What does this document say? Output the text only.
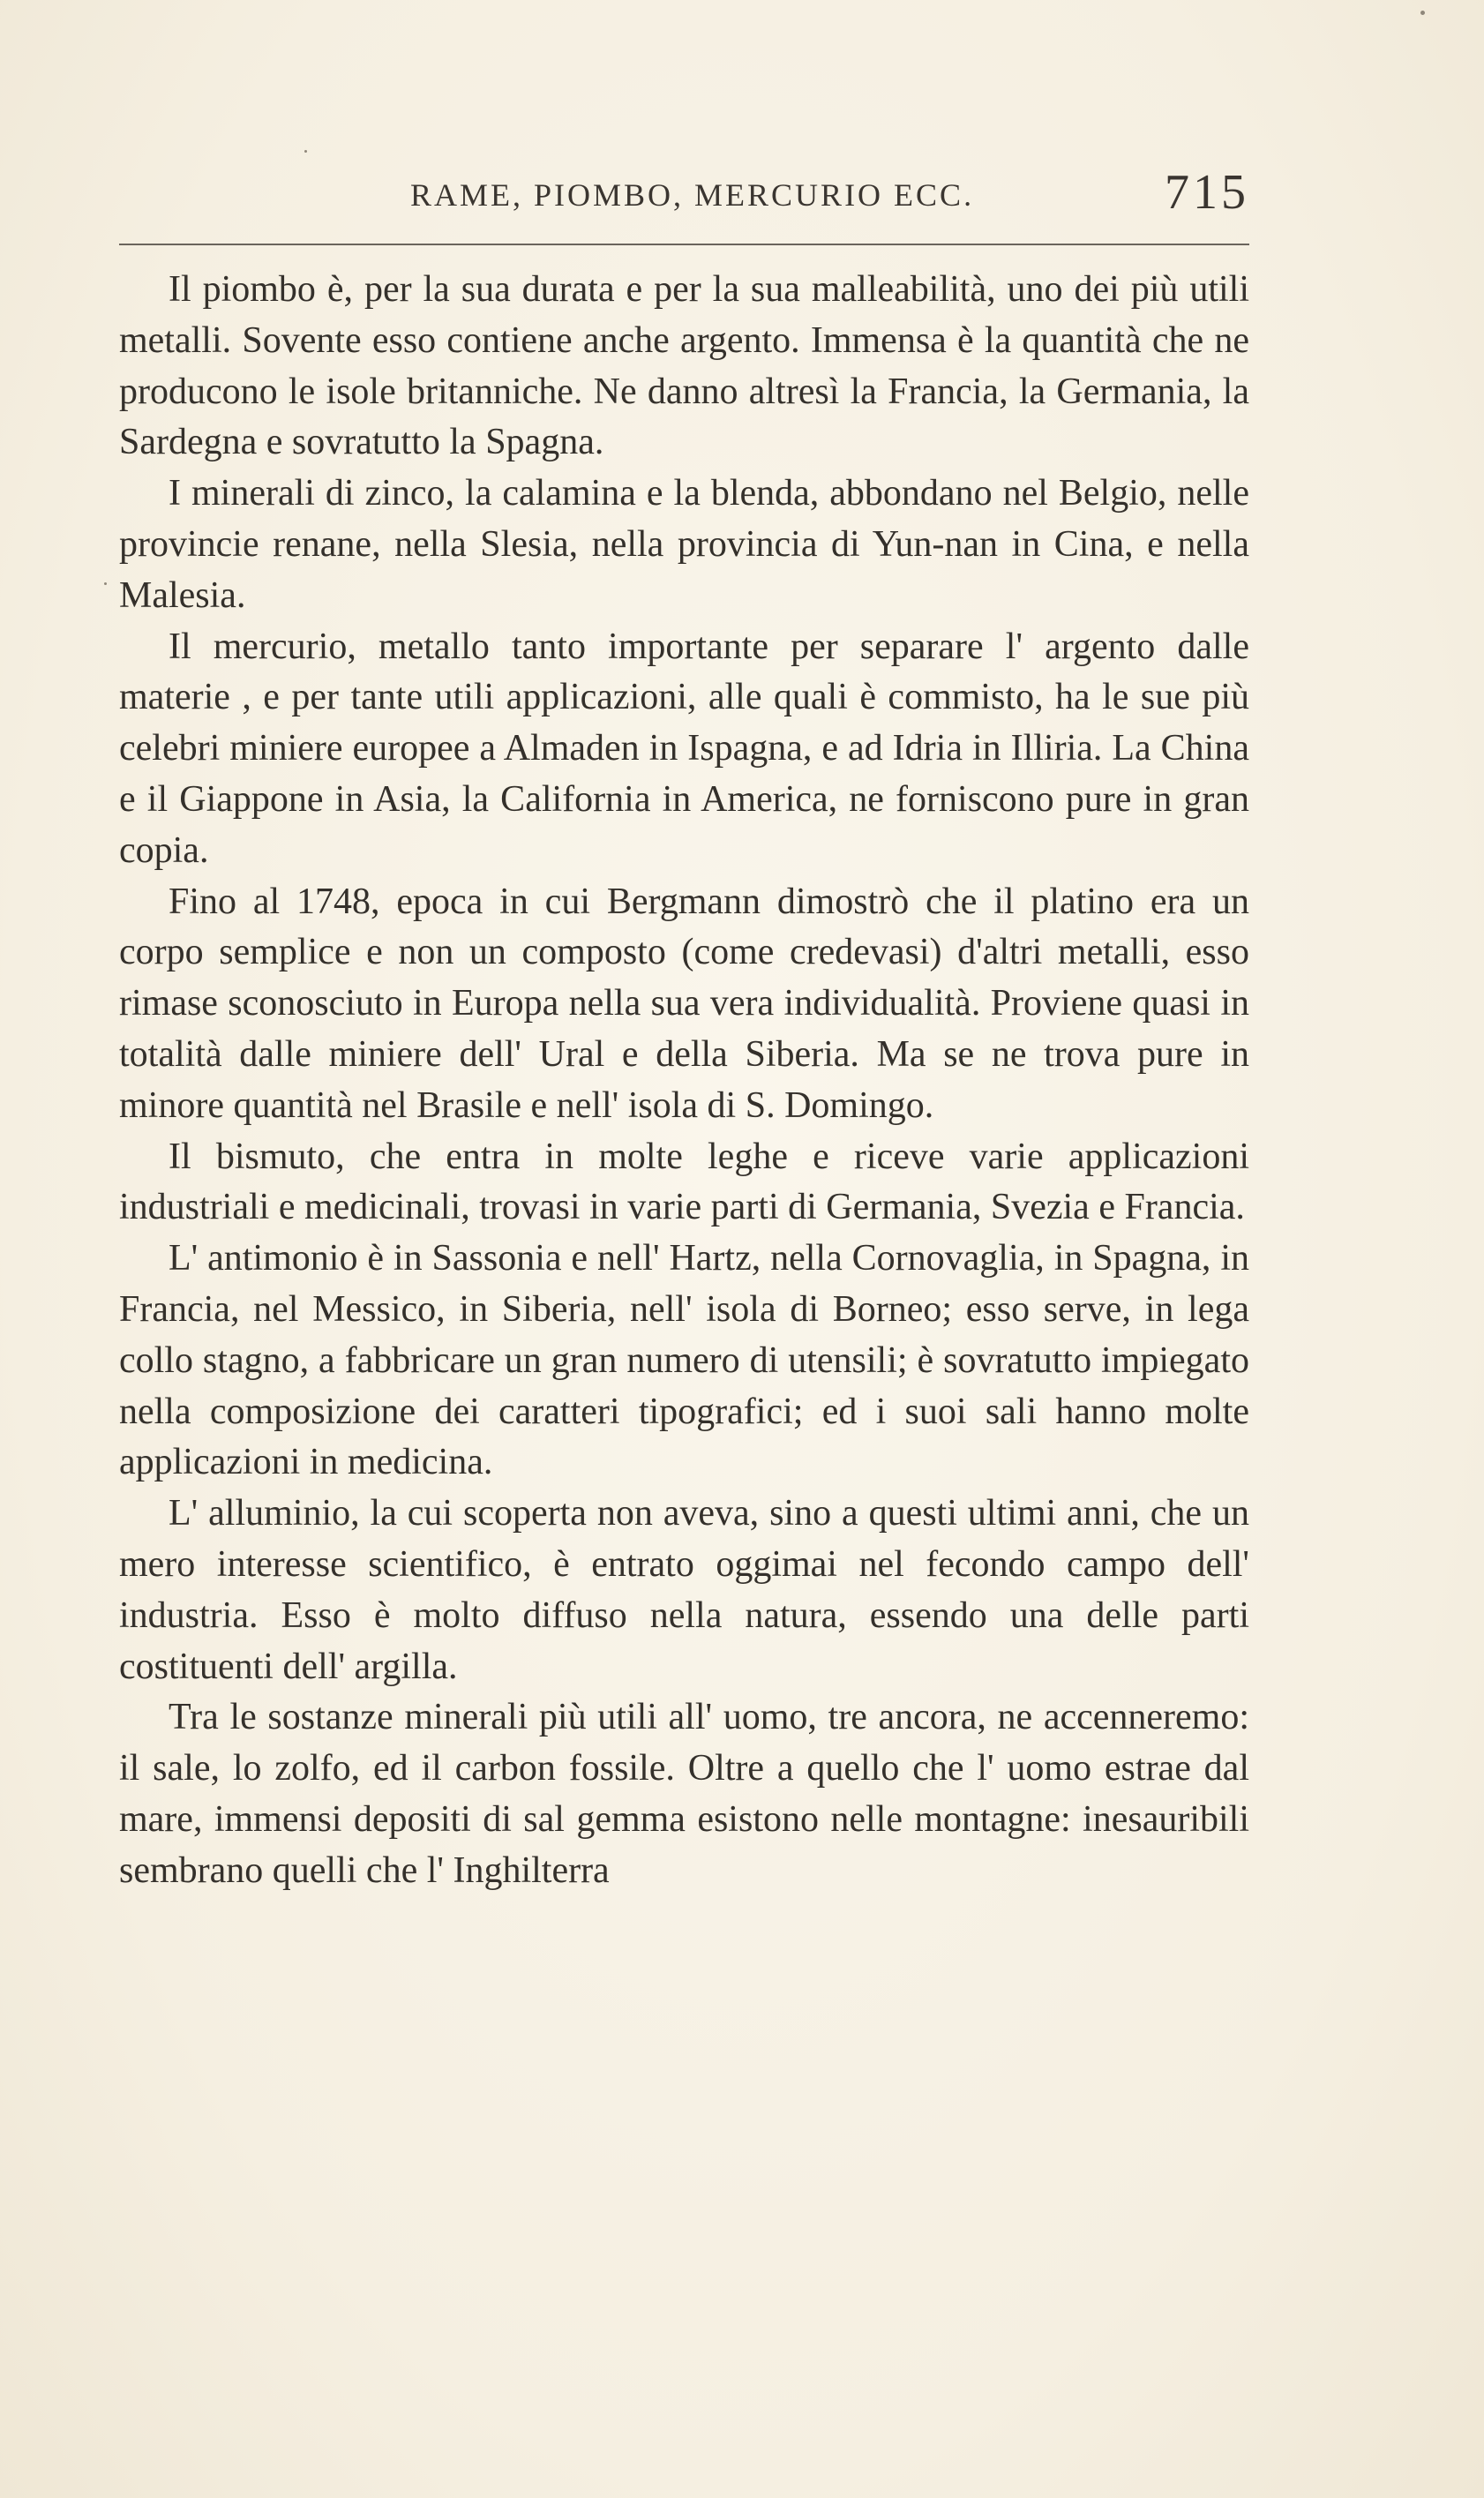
RAME, PIOMBO, MERCURIO ECC.	715

Il piombo è, per la sua durata e per la sua malleabilità, uno dei più utili metalli. Sovente esso contiene anche argento. Immensa è la quantità che ne producono le isole britanniche. Ne danno altresì la Francia, la Germania, la Sardegna e sovratutto la Spagna.

I minerali di zinco, la calamina e la blenda, abbondano nel Belgio, nelle provincie renane, nella Slesia, nella provincia di Yun-nan in Cina, e nella Malesia.

Il mercurio, metallo tanto importante per separare l' argento dalle materie , e per tante utili applicazioni, alle quali è commisto, ha le sue più celebri miniere europee a Almaden in Ispagna, e ad Idria in Illiria. La China e il Giappone in Asia, la California in America, ne forniscono pure in gran copia.

Fino al 1748, epoca in cui Bergmann dimostrò che il platino era un corpo semplice e non un composto (come credevasi) d'altri metalli, esso rimase sconosciuto in Europa nella sua vera individualità. Proviene quasi in totalità dalle miniere dell' Ural e della Siberia. Ma se ne trova pure in minore quantità nel Brasile e nell' isola di S. Domingo.

Il bismuto, che entra in molte leghe e riceve varie applicazioni industriali e medicinali, trovasi in varie parti di Germania, Svezia e Francia.

L' antimonio è in Sassonia e nell' Hartz, nella Cornovaglia, in Spagna, in Francia, nel Messico, in Siberia, nell' isola di Borneo; esso serve, in lega collo stagno, a fabbricare un gran numero di utensili; è sovratutto impiegato nella composizione dei caratteri tipografici; ed i suoi sali hanno molte applicazioni in medicina.

L' alluminio, la cui scoperta non aveva, sino a questi ultimi anni, che un mero interesse scientifico, è entrato oggimai nel fecondo campo dell' industria. Esso è molto diffuso nella natura, essendo una delle parti costituenti dell' argilla.

Tra le sostanze minerali più utili all' uomo, tre ancora, ne accenneremo: il sale, lo zolfo, ed il carbon fossile. Oltre a quello che l' uomo estrae dal mare, immensi depositi di sal gemma esistono nelle montagne: inesauribili sembrano quelli che l' Inghilterra
